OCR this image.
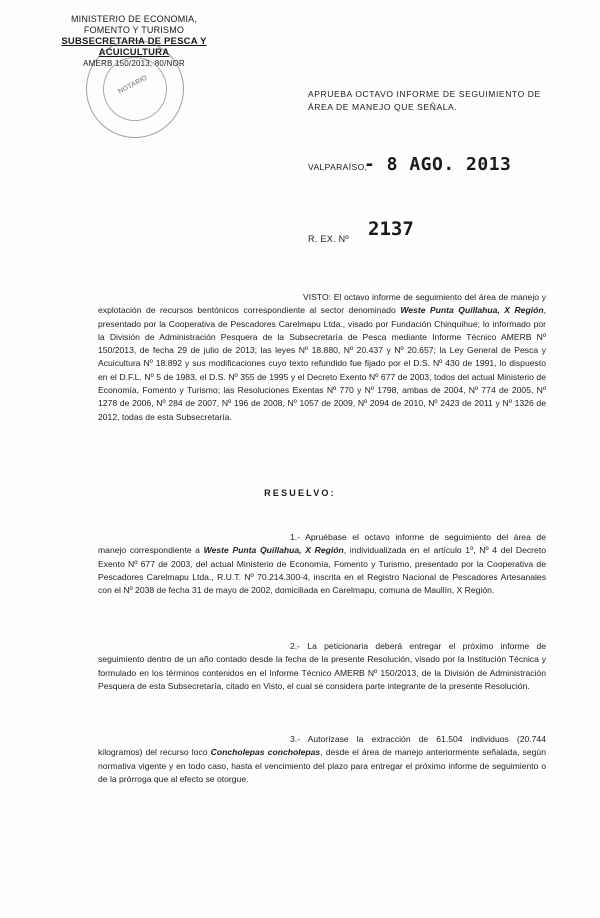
MINISTERIO DE ECONOMIA,
FOMENTO Y TURISMO
SUBSECRETARIA DE PESCA Y ACUICULTURA
AMERB 150/2013, 80/NOR
NOTARIO	APRUEBA OCTAVO INFORME DE SEGUIMIENTO DE ÁREA DE MANEJO QUE SEÑALA.
VALPARAÍSO,
- 8 AGO. 2013
R. EX. Nº 2137
VISTO: El octavo informe de seguimiento del área de manejo y explotación de recursos bentónicos correspondiente al sector denominado Weste Punta Quillahua, X Región, presentado por la Cooperativa de Pescadores Carelmapu Ltda., visado por Fundación Chinquihue; lo informado por la División de Administración Pesquera de la Subsecretaría de Pesca mediante Informe Técnico AMERB Nº 150/2013, de fecha 29 de julio de 2013; las leyes Nº 18.880, Nº 20.437 y Nº 20.657; la Ley General de Pesca y Acuicultura Nº 18.892 y sus modificaciones cuyo texto refundido fue fijado por el D.S. Nº 430 de 1991, lo dispuesto en el D.F.L. Nº 5 de 1983, el D.S. Nº 355 de 1995 y el Decreto Exento Nº 677 de 2003, todos del actual Ministerio de Economía, Fomento y Turismo; las Resoluciones Exentas Nº 770 y Nº 1798, ambas de 2004, Nº 774 de 2005, Nº 1278 de 2006, Nº 284 de 2007, Nº 196 de 2008, Nº 1057 de 2009, Nº 2094 de 2010, Nº 2423 de 2011 y Nº 1326 de 2012, todas de esta Subsecretaría.
RESUELVO:
1.- Apruébase el octavo informe de seguimiento del área de manejo correspondiente a Weste Punta Quillahua, X Región, individualizada en el artículo 1º, Nº 4 del Decreto Exento Nº 677 de 2003, del actual Ministerio de Economía, Fomento y Turismo, presentado por la Cooperativa de Pescadores Carelmapu Ltda., R.U.T. Nº 70.214.300-4, inscrita en el Registro Nacional de Pescadores Artesanales con el Nº 2038 de fecha 31 de mayo de 2002, domiciliada en Carelmapu, comuna de Maullín, X Región.
2.- La peticionaria deberá entregar el próximo informe de seguimiento dentro de un año contado desde la fecha de la presente Resolución, visado por la Institución Técnica y formulado en los términos contenidos en el Informe Técnico AMERB Nº 150/2013, de la División de Administración Pesquera de esta Subsecretaría, citado en Visto, el cual se considera parte integrante de la presente Resolución.
3.- Autorízase la extracción de 61.504 individuos (20.744 kilogramos) del recurso loco Concholepas concholepas, desde el área de manejo anteriormente señalada, según normativa vigente y en todo caso, hasta el vencimiento del plazo para entregar el próximo informe de seguimiento o de la prórroga que al efecto se otorgue.
